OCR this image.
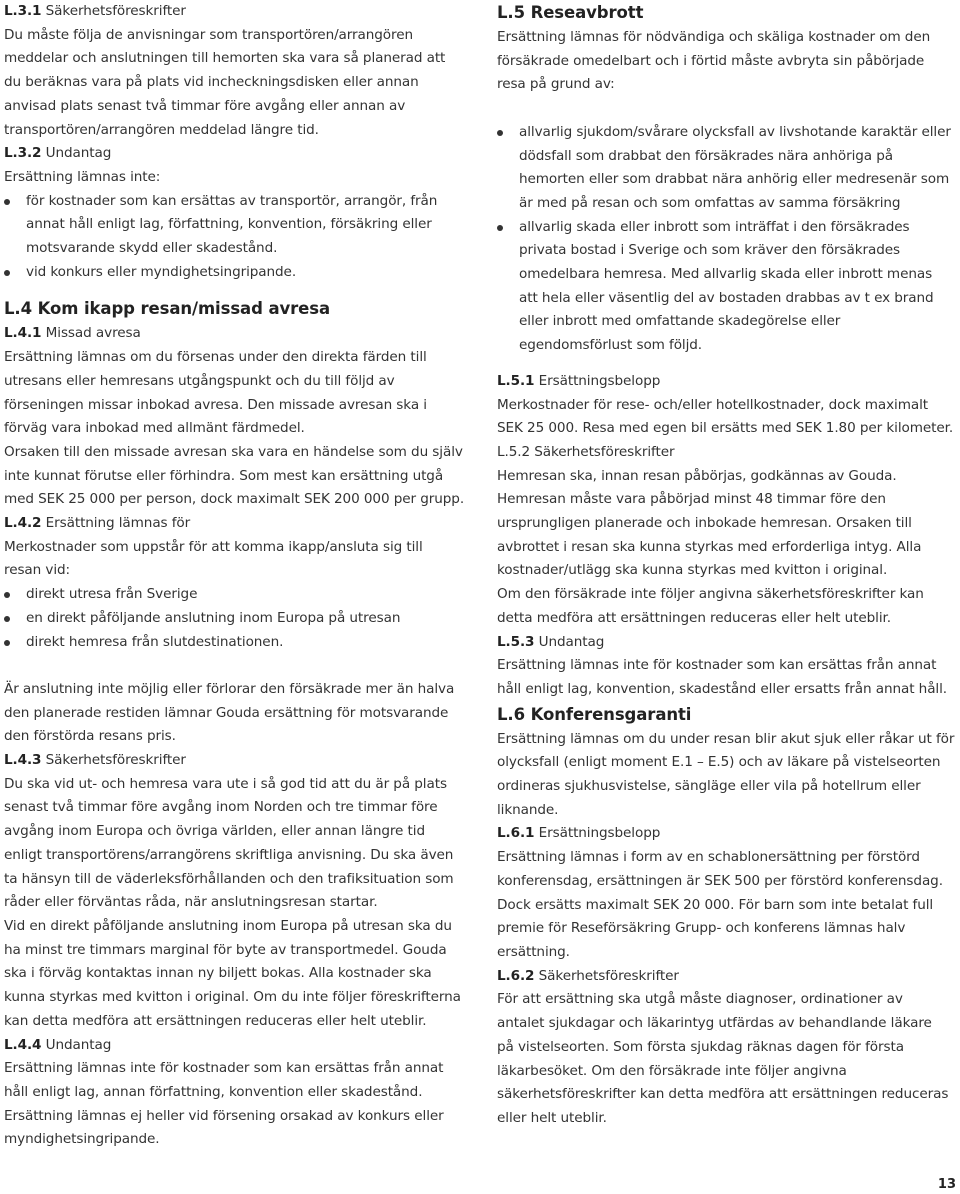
L.3.1 Säkerhetsföreskrifter

Du måste följa de anvisningar som transportören/arrangören

meddelar och anslutningen till hemorten ska vara så planerad att

du beräknas vara på plats vid incheckningsdisken eller annan

anvisad plats senast två timmar före avgång eller annan av

transportören/arrangören meddelad längre tid.

L.3.2 Undantag

Ersättning lämnas inte:

för kostnader som kan ersättas av transportör, arrangör, från
annat håll enligt lag, författning, konvention, försäkring eller
motsvarande skydd eller skadestånd.
vid konkurs eller myndighetsingripande.

L.4 Kom ikapp resan/missad avresa

L.4.1 Missad avresa

Ersättning lämnas om du försenas under den direkta färden till

utresans eller hemresans utgångspunkt och du till följd av

förseningen missar inbokad avresa. Den missade avresan ska i

förväg vara inbokad med allmänt färdmedel.

Orsaken till den missade avresan ska vara en händelse som du själv

inte kunnat förutse eller förhindra. Som mest kan ersättning utgå

med SEK 25 000 per person, dock maximalt SEK 200 000 per grupp.

L.4.2 Ersättning lämnas för

Merkostnader som uppstår för att komma ikapp/ansluta sig till

resan vid:

direkt utresa från Sverige
en direkt påföljande anslutning inom Europa på utresan
direkt hemresa från slutdestinationen.

Är anslutning inte möjlig eller förlorar den försäkrade mer än halva

den planerade restiden lämnar Gouda ersättning för motsvarande

den förstörda resans pris.

L.4.3 Säkerhetsföreskrifter

Du ska vid ut- och hemresa vara ute i så god tid att du är på plats

senast två timmar före avgång inom Norden och tre timmar före

avgång inom Europa och övriga världen, eller annan längre tid

enligt transportörens/arrangörens skriftliga anvisning. Du ska även

ta hänsyn till de väderleksförhållanden och den trafiksituation som

råder eller förväntas råda, när anslutningsresan startar.

Vid en direkt påföljande anslutning inom Europa på utresan ska du

ha minst tre timmars marginal för byte av transportmedel. Gouda

ska i förväg kontaktas innan ny biljett bokas. Alla kostnader ska

kunna styrkas med kvitton i original. Om du inte följer föreskrifterna

kan detta medföra att ersättningen reduceras eller helt uteblir.

L.4.4 Undantag

Ersättning lämnas inte för kostnader som kan ersättas från annat

håll enligt lag, annan författning, konvention eller skadestånd.

Ersättning lämnas ej heller vid försening orsakad av konkurs eller

myndighetsingripande.

L.5 Reseavbrott

Ersättning lämnas för nödvändiga och skäliga kostnader om den

försäkrade omedelbart och i förtid måste avbryta sin påbörjade

resa på grund av:

allvarlig sjukdom/svårare olycksfall av livshotande karaktär eller
dödsfall som drabbat den försäkrades nära anhöriga på
hemorten eller som drabbat nära anhörig eller medresenär som
är med på resan och som omfattas av samma försäkring
allvarlig skada eller inbrott som inträffat i den försäkrades
privata bostad i Sverige och som kräver den försäkrades
omedelbara hemresa. Med allvarlig skada eller inbrott menas
att hela eller väsentlig del av bostaden drabbas av t ex brand
eller inbrott med omfattande skadegörelse eller
egendomsförlust som följd.

L.5.1 Ersättningsbelopp

Merkostnader för rese- och/eller hotellkostnader, dock maximalt

SEK 25 000. Resa med egen bil ersätts med SEK 1.80 per kilometer.

L.5.2 Säkerhetsföreskrifter

Hemresan ska, innan resan påbörjas, godkännas av Gouda.

Hemresan måste vara påbörjad minst 48 timmar före den

ursprungligen planerade och inbokade hemresan. Orsaken till

avbrottet i resan ska kunna styrkas med erforderliga intyg. Alla

kostnader/utlägg ska kunna styrkas med kvitton i original.

Om den försäkrade inte följer angivna säkerhetsföreskrifter kan

detta medföra att ersättningen reduceras eller helt uteblir.

L.5.3 Undantag

Ersättning lämnas inte för kostnader som kan ersättas från annat

håll enligt lag, konvention, skadestånd eller ersatts från annat håll.

L.6 Konferensgaranti

Ersättning lämnas om du under resan blir akut sjuk eller råkar ut för

olycksfall (enligt moment E.1 – E.5) och av läkare på vistelseorten

ordineras sjukhusvistelse, sängläge eller vila på hotellrum eller

liknande.

L.6.1 Ersättningsbelopp

Ersättning lämnas i form av en schablonersättning per förstörd

konferensdag, ersättningen är SEK 500 per förstörd konferensdag.

Dock ersätts maximalt SEK 20 000. För barn som inte betalat full

premie för Reseförsäkring Grupp- och konferens lämnas halv

ersättning.

L.6.2 Säkerhetsföreskrifter

För att ersättning ska utgå måste diagnoser, ordinationer av

antalet sjukdagar och läkarintyg utfärdas av behandlande läkare

på vistelseorten. Som första sjukdag räknas dagen för första

läkarbesöket. Om den försäkrade inte följer angivna

säkerhetsföreskrifter kan detta medföra att ersättningen reduceras

eller helt uteblir.

13
